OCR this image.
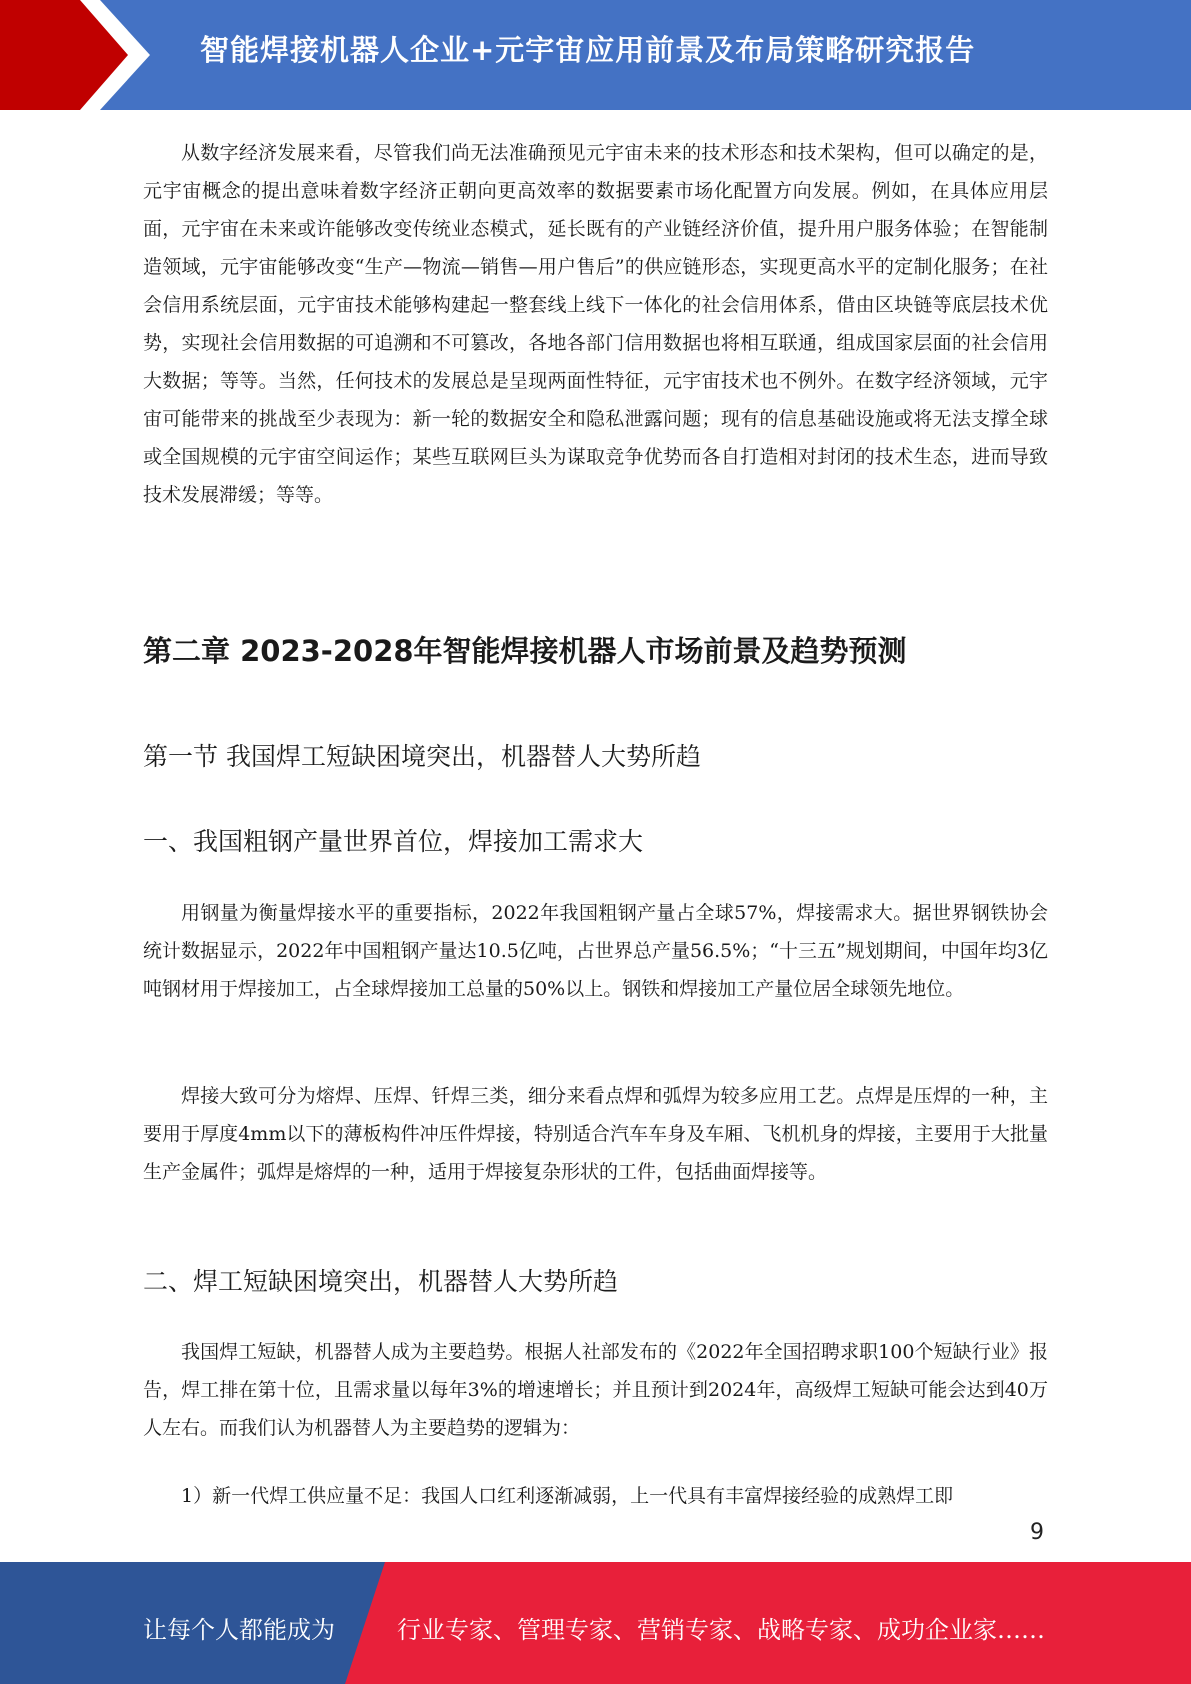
智能焊接机器人企业+元宇宙应用前景及布局策略研究报告

从数字经济发展来看，尽管我们尚无法准确预见元宇宙未来的技术形态和技术架构，但可以确定的是，元宇宙概念的提出意味着数字经济正朝向更高效率的数据要素市场化配置方向发展。例如，在具体应用层面，元宇宙在未来或许能够改变传统业态模式，延长既有的产业链经济价值，提升用户服务体验；在智能制造领域，元宇宙能够改变“生产—物流—销售—用户售后”的供应链形态，实现更高水平的定制化服务；在社会信用系统层面，元宇宙技术能够构建起一整套线上线下一体化的社会信用体系，借由区块链等底层技术优势，实现社会信用数据的可追溯和不可篡改，各地各部门信用数据也将相互联通，组成国家层面的社会信用大数据；等等。当然，任何技术的发展总是呈现两面性特征，元宇宙技术也不例外。在数字经济领域，元宇宙可能带来的挑战至少表现为：新一轮的数据安全和隐私泄露问题；现有的信息基础设施或将无法支撑全球或全国规模的元宇宙空间运作；某些互联网巨头为谋取竞争优势而各自打造相对封闭的技术生态，进而导致技术发展滞缓；等等。

第二章 2023-2028年智能焊接机器人市场前景及趋势预测
第一节 我国焊工短缺困境突出，机器替人大势所趋
一、我国粗钢产量世界首位，焊接加工需求大

用钢量为衡量焊接水平的重要指标，2022年我国粗钢产量占全球57%，焊接需求大。据世界钢铁协会统计数据显示，2022年中国粗钢产量达10.5亿吨，占世界总产量56.5%；“十三五”规划期间，中国年均3亿吨钢材用于焊接加工，占全球焊接加工总量的50%以上。钢铁和焊接加工产量位居全球领先地位。

焊接大致可分为熔焊、压焊、钎焊三类，细分来看点焊和弧焊为较多应用工艺。点焊是压焊的一种，主要用于厚度4mm以下的薄板构件冲压件焊接，特别适合汽车车身及车厢、飞机机身的焊接，主要用于大批量生产金属件；弧焊是熔焊的一种，适用于焊接复杂形状的工件，包括曲面焊接等。

二、焊工短缺困境突出，机器替人大势所趋

我国焊工短缺，机器替人成为主要趋势。根据人社部发布的《2022年全国招聘求职100个短缺行业》报告，焊工排在第十位，且需求量以每年3%的增速增长；并且预计到2024年，高级焊工短缺可能会达到40万人左右。而我们认为机器替人为主要趋势的逻辑为：

1）新一代焊工供应量不足：我国人口红利逐渐减弱，上一代具有丰富焊接经验的成熟焊工即

9
让每个人都能成为	行业专家、管理专家、营销专家、战略专家、成功企业家……
